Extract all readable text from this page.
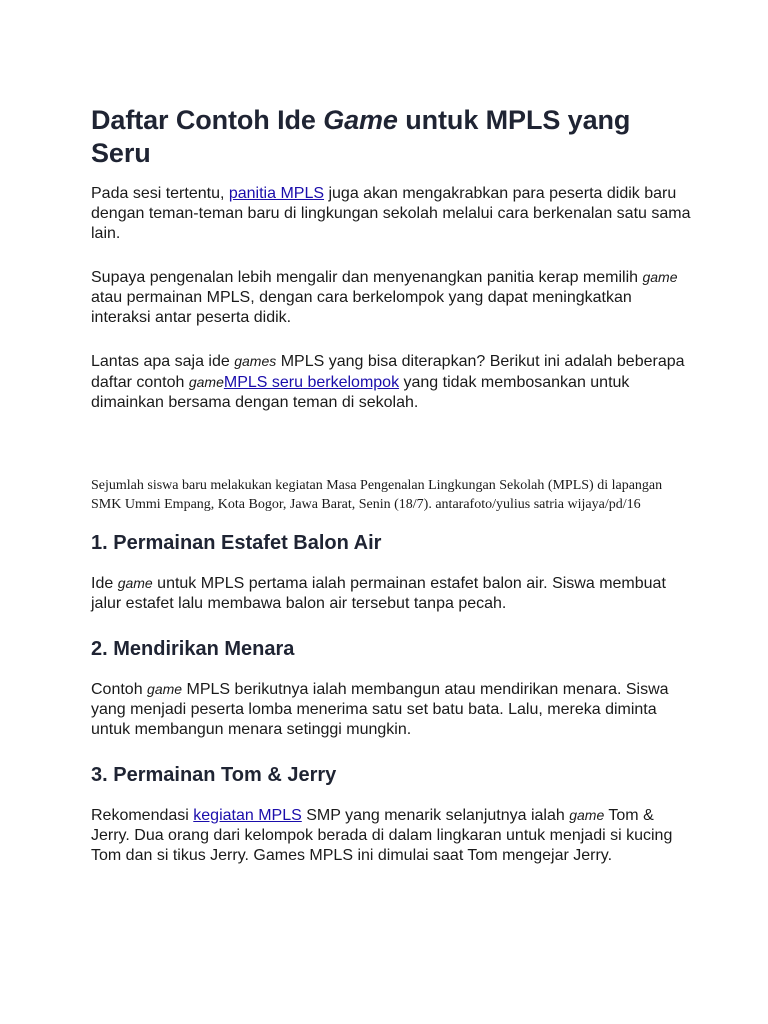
Daftar Contoh Ide Game untuk MPLS yang Seru

Pada sesi tertentu, panitia MPLS juga akan mengakrabkan para peserta didik baru dengan teman-teman baru di lingkungan sekolah melalui cara berkenalan satu sama lain.

Supaya pengenalan lebih mengalir dan menyenangkan panitia kerap memilih game atau permainan MPLS, dengan cara berkelompok yang dapat meningkatkan interaksi antar peserta didik.

Lantas apa saja ide games MPLS yang bisa diterapkan? Berikut ini adalah beberapa daftar contoh gameMPLS seru berkelompok yang tidak membosankan untuk dimainkan bersama dengan teman di sekolah.

Sejumlah siswa baru melakukan kegiatan Masa Pengenalan Lingkungan Sekolah (MPLS) di lapangan SMK Ummi Empang, Kota Bogor, Jawa Barat, Senin (18/7). antarafoto/yulius satria wijaya/pd/16

1. Permainan Estafet Balon Air

Ide game untuk MPLS pertama ialah permainan estafet balon air. Siswa membuat jalur estafet lalu membawa balon air tersebut tanpa pecah.

2. Mendirikan Menara

Contoh game MPLS berikutnya ialah membangun atau mendirikan menara. Siswa yang menjadi peserta lomba menerima satu set batu bata. Lalu, mereka diminta untuk membangun menara setinggi mungkin.

3. Permainan Tom & Jerry

Rekomendasi kegiatan MPLS SMP yang menarik selanjutnya ialah game Tom & Jerry. Dua orang dari kelompok berada di dalam lingkaran untuk menjadi si kucing Tom dan si tikus Jerry. Games MPLS ini dimulai saat Tom mengejar Jerry.
